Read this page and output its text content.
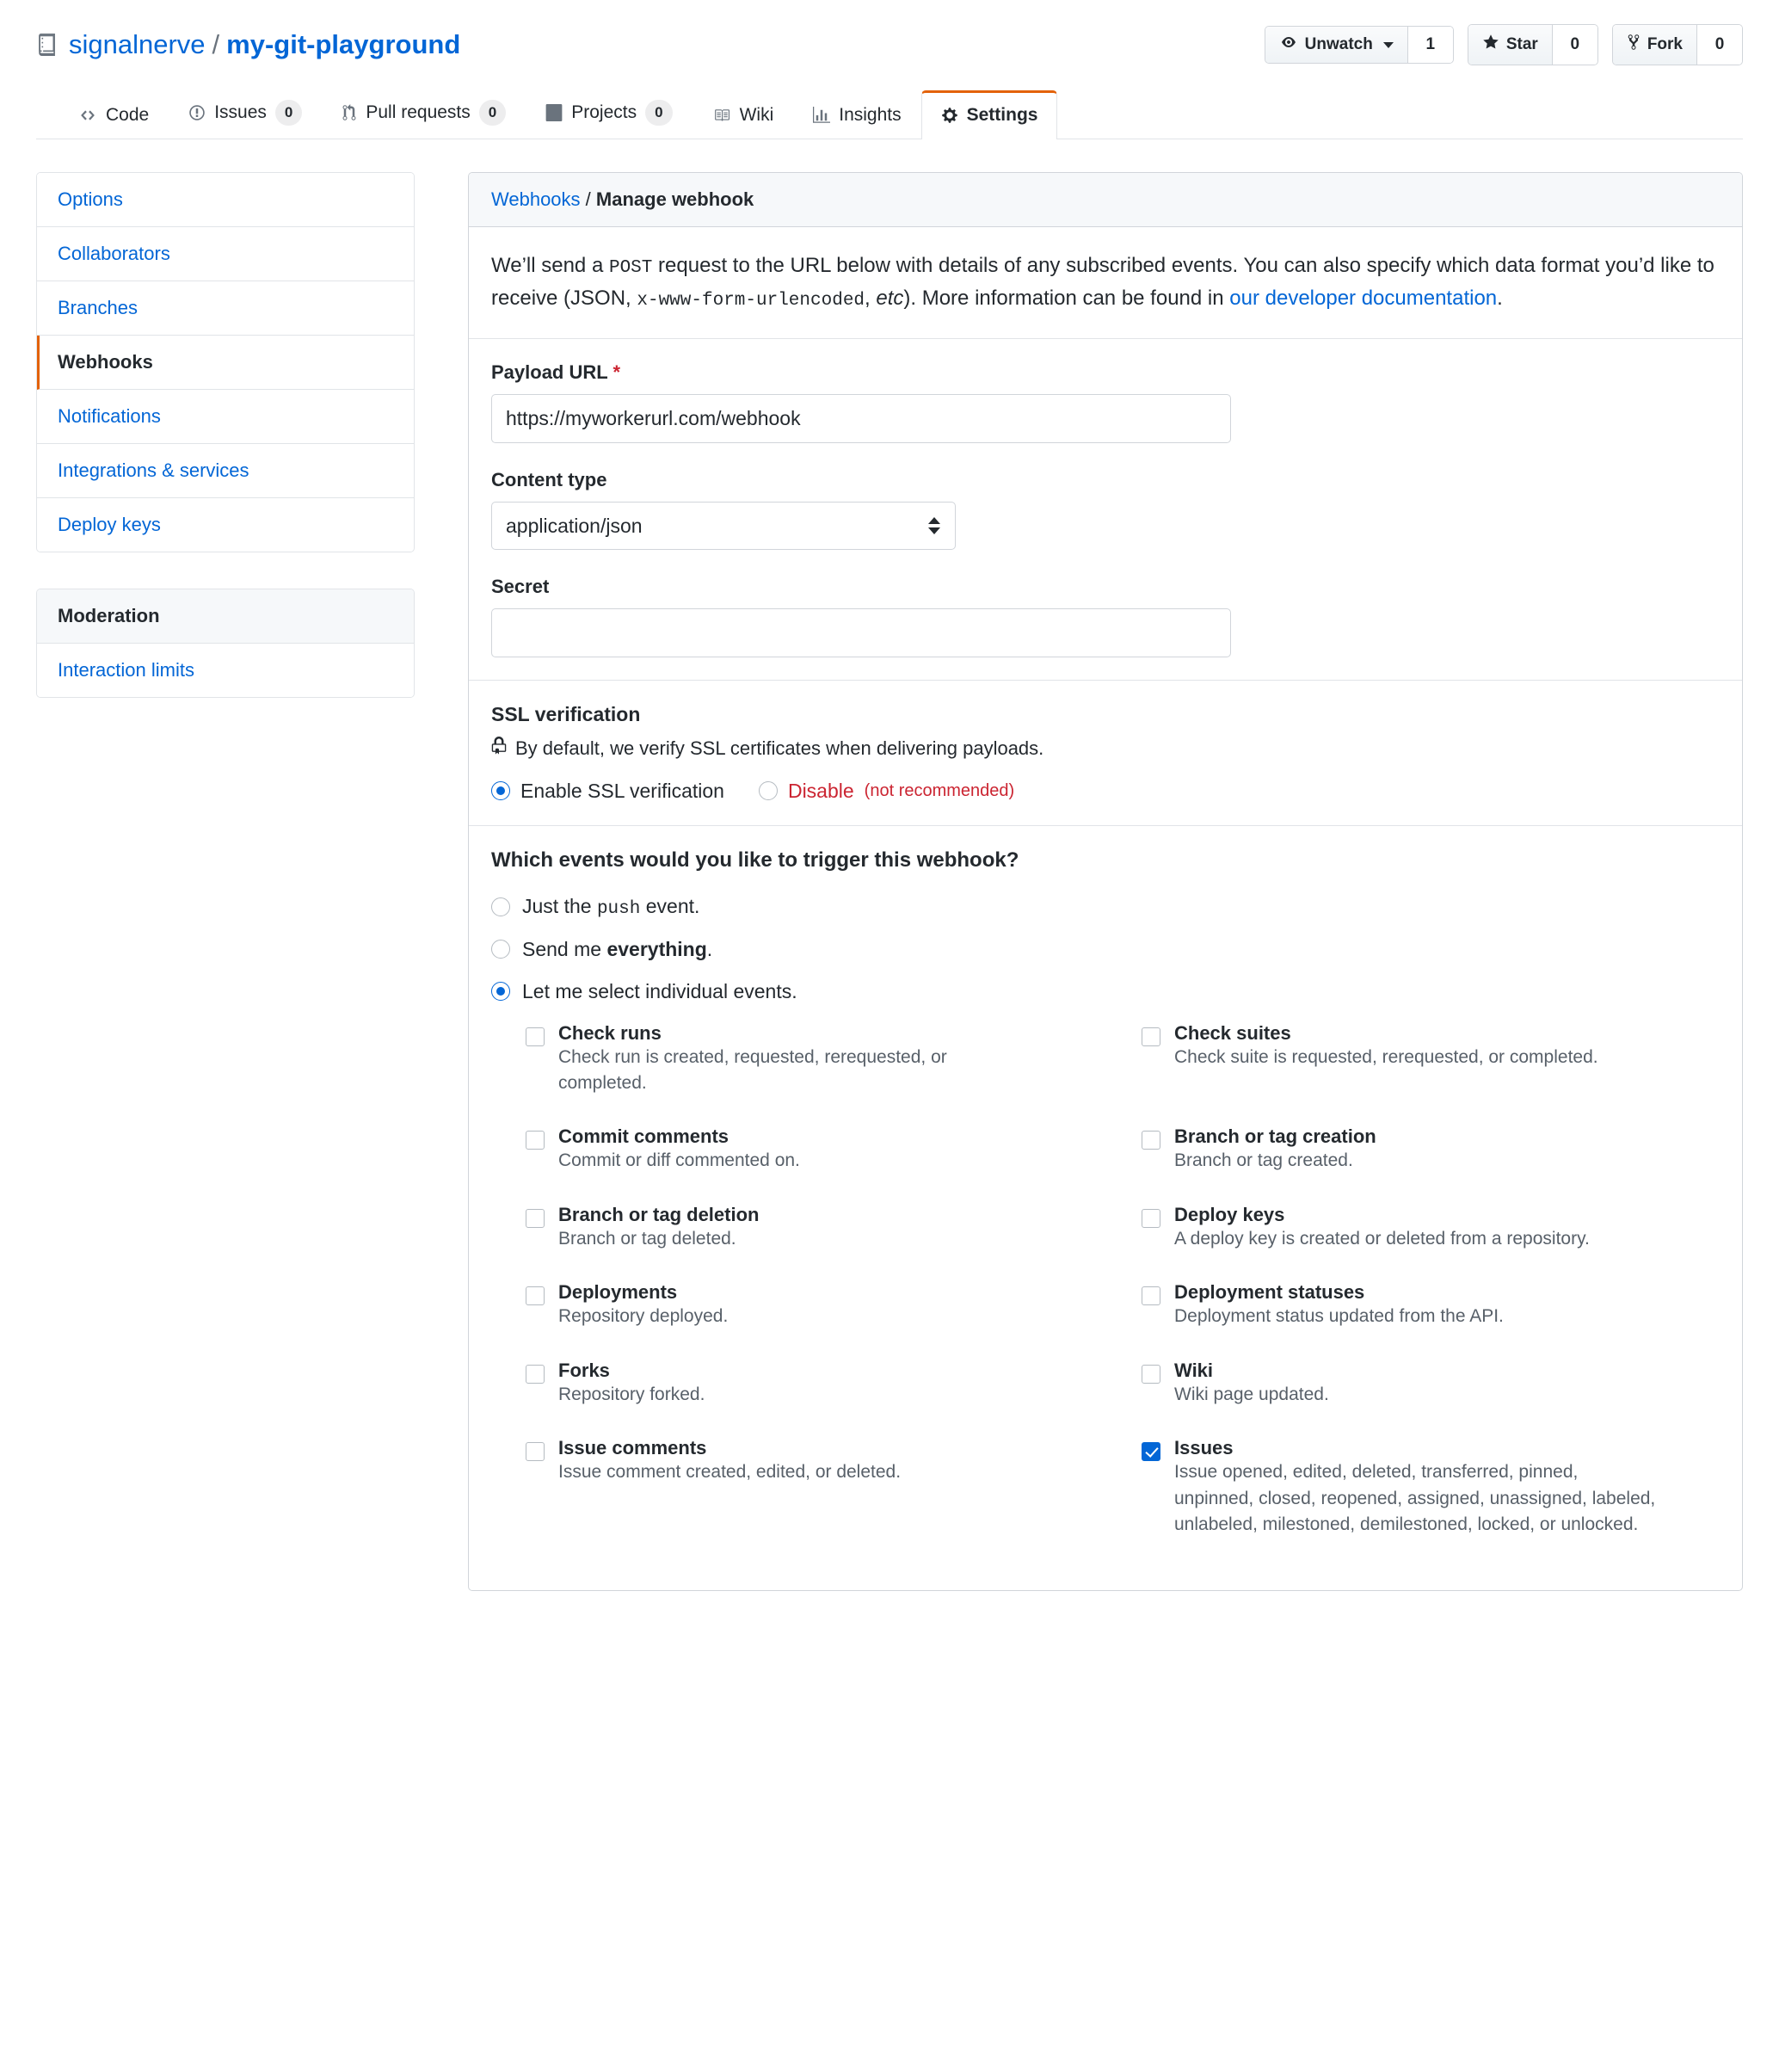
signalnerve / my-git-playground	Unwatch	1	Star	0	Fork	0
Code	Issues	0	Pull requests	0	Projects	0	Wiki	Insights	Settings
Options
Collaborators
Branches
Webhooks
Notifications
Integrations & services
Deploy keys
Moderation
Interaction limits
Webhooks / Manage webhook
We’ll send a POST request to the URL below with details of any subscribed events. You can also specify which data format you’d like to receive (JSON, x-www-form-urlencoded, etc). More information can be found in our developer documentation.
Payload URL *
https://myworkerurl.com/webhook
Content type
application/json
Secret
SSL verification
By default, we verify SSL certificates when delivering payloads.
Enable SSL verification	Disable (not recommended)
Which events would you like to trigger this webhook?
Just the push event.
Send me everything.
Let me select individual events.
Check runs
Check run is created, requested, rerequested, or completed.
Check suites
Check suite is requested, rerequested, or completed.
Commit comments
Commit or diff commented on.
Branch or tag creation
Branch or tag created.
Branch or tag deletion
Branch or tag deleted.
Deploy keys
A deploy key is created or deleted from a repository.
Deployments
Repository deployed.
Deployment statuses
Deployment status updated from the API.
Forks
Repository forked.
Wiki
Wiki page updated.
Issue comments
Issue comment created, edited, or deleted.
Issues
Issue opened, edited, deleted, transferred, pinned, unpinned, closed, reopened, assigned, unassigned, labeled, unlabeled, milestoned, demilestoned, locked, or unlocked.
